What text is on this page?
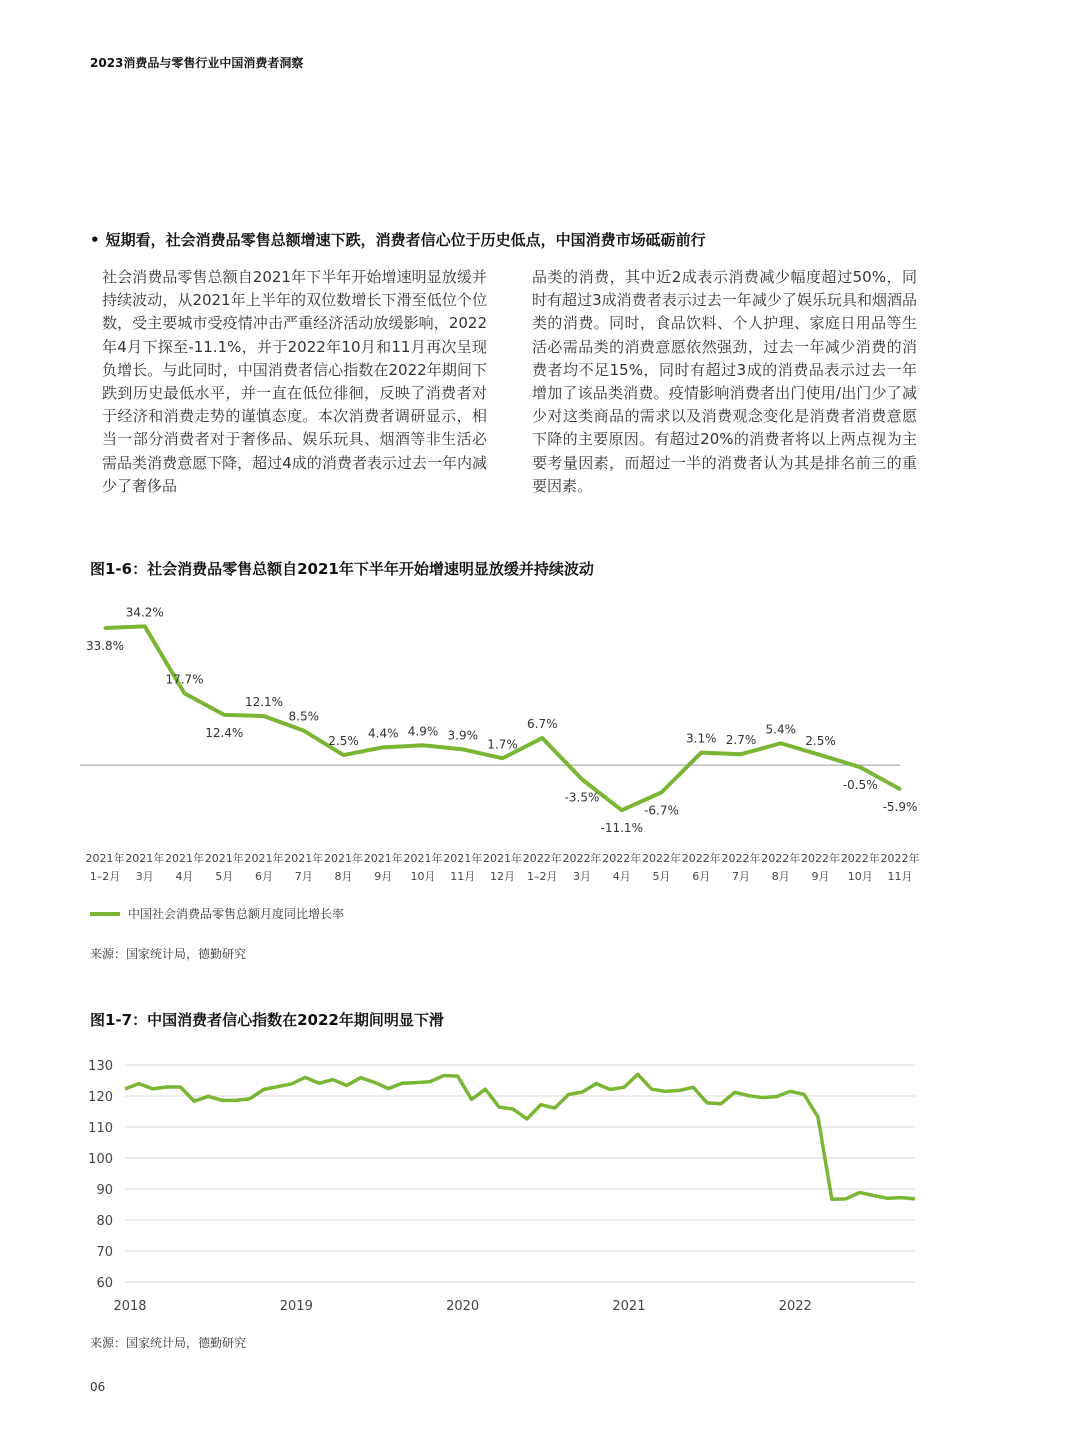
2023消费品与零售行业中国消费者洞察
• 短期看，社会消费品零售总额增速下跌，消费者信心位于历史低点，中国消费市场砥砺前行
社会消费品零售总额自2021年下半年开始增速明显放缓并持续波动，从2021年上半年的双位数增长下滑至低位个位数，受主要城市受疫情冲击严重经济活动放缓影响，2022年4月下探至-11.1%，并于2022年10月和11月再次呈现负增长。与此同时，中国消费者信心指数在2022年期间下跌到历史最低水平，并一直在低位徘徊，反映了消费者对于经济和消费走势的谨慎态度。本次消费者调研显示，相当一部分消费者对于奢侈品、娱乐玩具、烟酒等非生活必需品类消费意愿下降，超过4成的消费者表示过去一年内减少了奢侈品
品类的消费，其中近2成表示消费减少幅度超过50%，同时有超过3成消费者表示过去一年减少了娱乐玩具和烟酒品类的消费。同时，食品饮料、个人护理、家庭日用品等生活必需品类的消费意愿依然强劲，过去一年减少消费的消费者均不足15%，同时有超过3成的消费品表示过去一年增加了该品类消费。疫情影响消费者出门使用/出门少了减少对这类商品的需求以及消费观念变化是消费者消费意愿下降的主要原因。有超过20%的消费者将以上两点视为主要考量因素，而超过一半的消费者认为其是排名前三的重要因素。
图1-6：社会消费品零售总额自2021年下半年开始增速明显放缓并持续波动
33.8%
34.2%
17.7%
12.4%
12.1%
8.5%
2.5%
4.4% 4.9% 3.9%
1.7%
6.7%
-3.5%
-11.1%
-6.7%
3.1% 2.7%
5.4%
2.5%
-0.5%
-5.9%
2021年
1–2月
2021年
3月
2021年
4月
2021年
5月
2021年
6月
2021年
7月
2021年
8月
2021年
9月
2021年
10月
2021年
11月
2021年
12月
2022年
1–2月
2022年
3月
2022年
4月
2022年
5月
2022年
6月
2022年
7月
2022年
8月
2022年
9月
2022年
10月
2022年
11月
中国社会消费品零售总额月度同比增长率
来源：国家统计局，德勤研究
图1-7：中国消费者信心指数在2022年期间明显下滑
130
120
110
100
90
80
70
60
2018	2019	2020	2021	2022
来源：国家统计局，德勤研究
06
